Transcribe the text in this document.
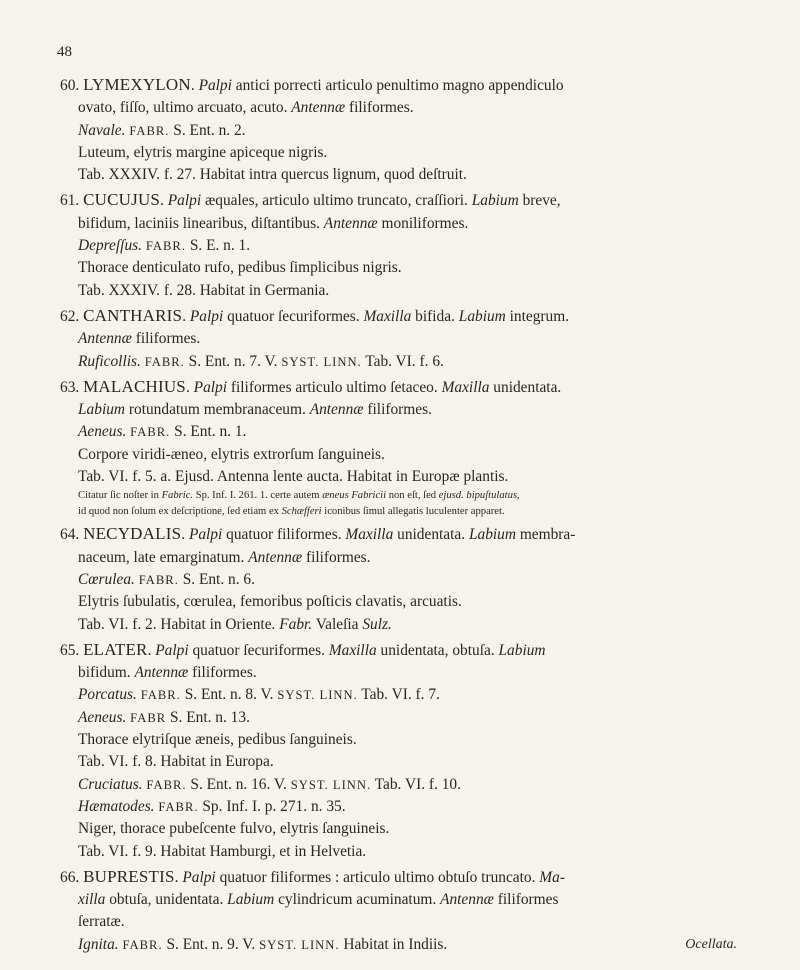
48
60. LYMEXYLON. Palpi antici porrecti articulo penultimo magno appendiculo
ovato, fiſſo, ultimo arcuato, acuto. Antennæ filiformes.
Navale. FABR. S. Ent. n. 2.
Luteum, elytris margine apiceque nigris.
Tab. XXXIV. f. 27. Habitat intra quercus lignum, quod deſtruit.
61. CUCUJUS. Palpi æquales, articulo ultimo truncato, craſſiori. Labium breve,
bifidum, laciniis linearibus, diſtantibus. Antennæ moniliformes.
Depreſſus. FABR. S. E. n. 1.
Thorace denticulato rufo, pedibus ſimplicibus nigris.
Tab. XXXIV. f. 28. Habitat in Germania.
62. CANTHARIS. Palpi quatuor ſecuriformes. Maxilla bifida. Labium integrum.
Antennæ filiformes.
Ruficollis. FABR. S. Ent. n. 7. V. SYST. LINN. Tab. VI. f. 6.
63. MALACHIUS. Palpi filiformes articulo ultimo ſetaceo. Maxilla unidentata.
Labium rotundatum membranaceum. Antennæ filiformes.
Aeneus. FABR. S. Ent. n. 1.
Corpore viridi-æneo, elytris extrorſum ſanguineis.
Tab. VI. f. 5. a. Ejusd. Antenna lente aucta. Habitat in Europæ plantis.
Citatur ſic noſter in Fabric. Sp. Inf. I. 261. 1. certe autem æneus Fabricii non eſt, ſed ejusd. bipuſtulatus,
id quod non ſolum ex deſcriptione, ſed etiam ex Schæfferi iconibus ſimul allegatis luculenter apparet.
64. NECYDALIS. Palpi quatuor filiformes. Maxilla unidentata. Labium membra-
naceum, late emarginatum. Antennæ filiformes.
Cœrulea. FABR. S. Ent. n. 6.
Elytris ſubulatis, cœrulea, femoribus poſticis clavatis, arcuatis.
Tab. VI. f. 2. Habitat in Oriente. Fabr. Valeſia Sulz.
65. ELATER. Palpi quatuor ſecuriformes. Maxilla unidentata, obtuſa. Labium
bifidum. Antennæ filiformes.
Porcatus. FABR. S. Ent. n. 8. V. SYST. LINN. Tab. VI. f. 7.
Aeneus. FABR S. Ent. n. 13.
Thorace elytriſque æneis, pedibus ſanguineis.
Tab. VI. f. 8. Habitat in Europa.
Cruciatus. FABR. S. Ent. n. 16. V. SYST. LINN. Tab. VI. f. 10.
Hæmatodes. FABR. Sp. Inf. I. p. 271. n. 35.
Niger, thorace pubeſcente fulvo, elytris ſanguineis.
Tab. VI. f. 9. Habitat Hamburgi, et in Helvetia.
66. BUPRESTIS. Palpi quatuor filiformes : articulo ultimo obtuſo truncato. Ma-
xilla obtuſa, unidentata. Labium cylindricum acuminatum. Antennæ filiformes
ſerratæ.
Ignita. FABR. S. Ent. n. 9. V. SYST. LINN. Habitat in Indiis.	Ocellata.
